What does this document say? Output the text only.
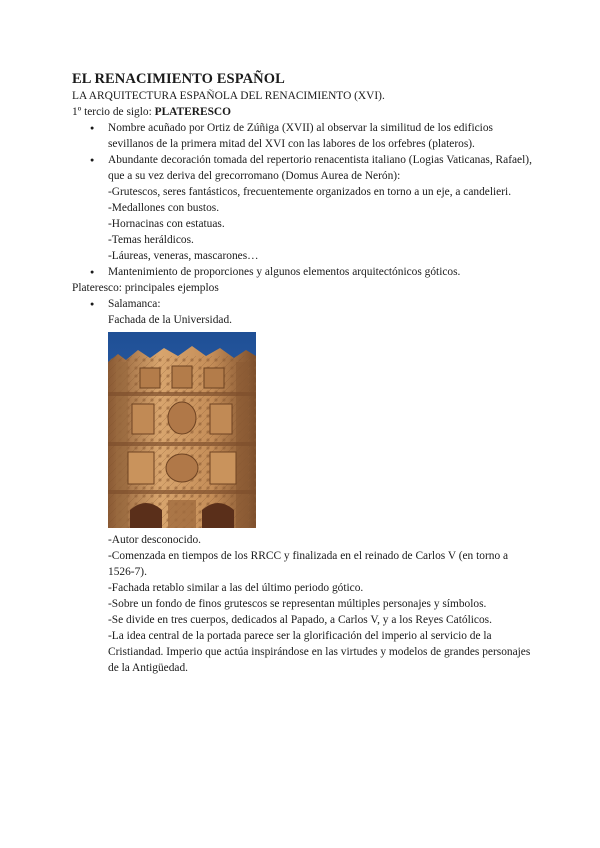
EL RENACIMIENTO ESPAÑOL

LA ARQUITECTURA ESPAÑOLA DEL RENACIMIENTO (XVI).

1º tercio de siglo: PLATERESCO

● Nombre acuñado por Ortiz de Zúñiga (XVII) al observar la similitud de los edificios sevillanos de la primera mitad del XVI con las labores de los orfebres (plateros).
● Abundante decoración tomada del repertorio renacentista italiano (Logias Vaticanas, Rafael), que a su vez deriva del grecorromano (Domus Aurea de Nerón):

-Grutescos, seres fantásticos, frecuentemente organizados en torno a un eje, a candelieri.

-Medallones con bustos.

-Hornacinas con estatuas.

-Temas heráldicos.

-Láureas, veneras, mascarones…

● Mantenimiento de proporciones y algunos elementos arquitectónicos góticos.

Plateresco: principales ejemplos

● Salamanca:

Fachada de la Universidad.

-Autor desconocido.

-Comenzada en tiempos de los RRCC y finalizada en el reinado de Carlos V (en torno a 1526-7).

-Fachada retablo similar a las del último periodo gótico.

-Sobre un fondo de finos grutescos se representan múltiples personajes y símbolos.

-Se divide en tres cuerpos, dedicados al Papado, a Carlos V, y a los Reyes Católicos.

-La idea central de la portada parece ser la glorificación del imperio al servicio de la Cristiandad. Imperio que actúa inspirándose en las virtudes y modelos de grandes personajes de la Antigüedad.
